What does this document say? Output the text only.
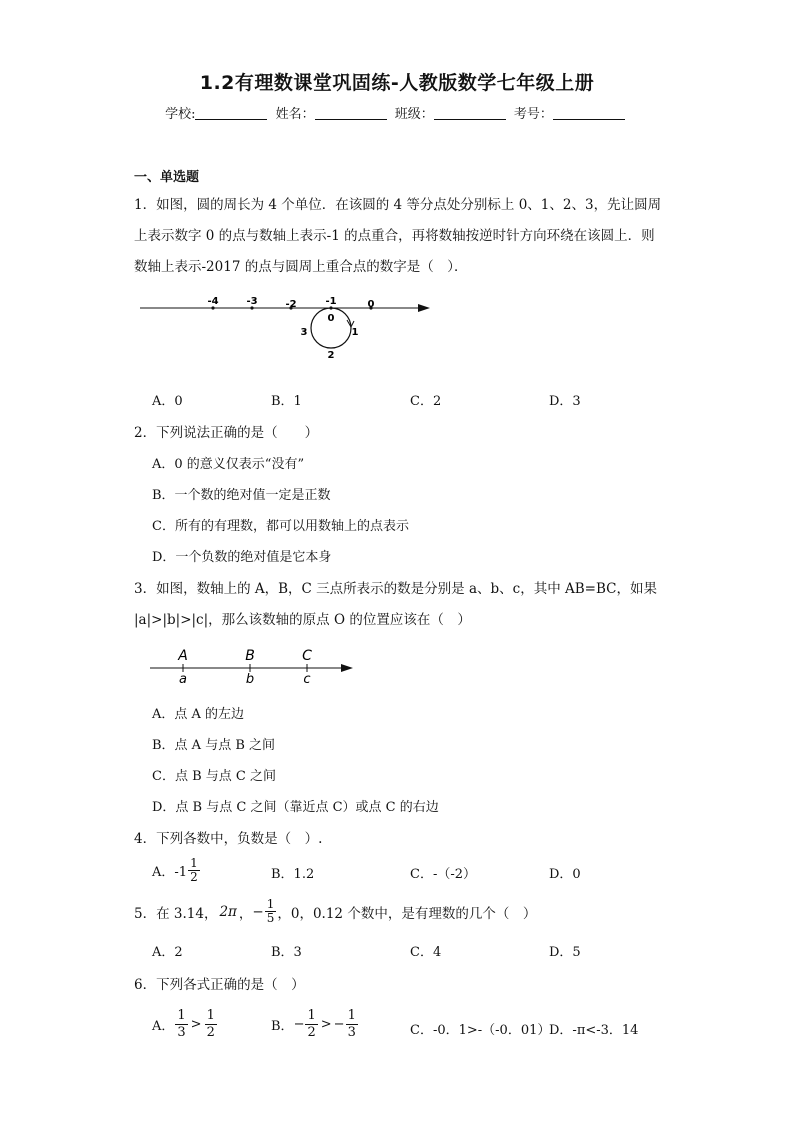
1.2有理数课堂巩固练-人教版数学七年级上册
学校:	姓名：	班级：	考号：
一、单选题
1．如图，圆的周长为 4 个单位．在该圆的 4 等分点处分别标上 0、1、2、3，先让圆周
上表示数字 0 的点与数轴上表示-1 的点重合，再将数轴按逆时针方向环绕在该圆上．则
数轴上表示-2017 的点与圆周上重合点的数字是（　）．
-4	-3	-2	-1	0
0
1
2
3
A．0	B．1	C．2	D．3
2．下列说法正确的是（　　）
A．0 的意义仅表示“没有”
B．一个数的绝对值一定是正数
C．所有的有理数，都可以用数轴上的点表示
D．一个负数的绝对值是它本身
3．如图，数轴上的 A，B，C 三点所表示的数是分别是 a、b、c，其中 AB=BC，如果
|a|>|b|>|c|，那么该数轴的原点 O 的位置应该在（　）
A	B	C
a	b	c
A．点 A 的左边
B．点 A 与点 B 之间
C．点 B 与点 C 之间
D．点 B 与点 C 之间（靠近点 C）或点 C 的右边
4．下列各数中，负数是（　）.
A．$-1 \frac{1}{2}$	B．1.2	C．-（-2）	D．0
5．在 3.14， 2π ， − $\frac{1}{5}$ ，0，0.12 个数中，是有理数的几个（　）
A．2	B．3	C．4	D．5
6．下列各式正确的是（　）
A． $\frac{1}{3} > \frac{1}{2}$	B． − $\frac{1}{2}$ > − $\frac{1}{3}$	C．-0．1>-（-0．01）
D．-π<-3．14
